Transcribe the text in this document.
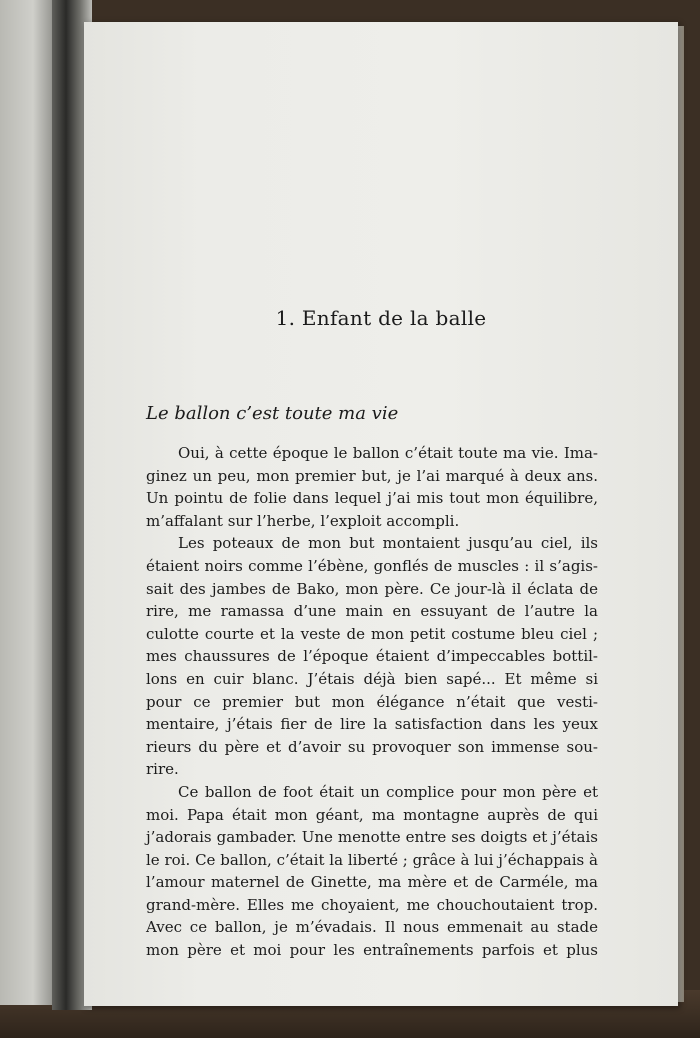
1. Enfant de la balle
Le ballon c’est toute ma vie
Oui, à cette époque le ballon c’était toute ma vie. Ima-
ginez un peu, mon premier but, je l’ai marqué à deux ans.
Un pointu de folie dans lequel j’ai mis tout mon équilibre,
m’affalant sur l’herbe, l’exploit accompli.
Les poteaux de mon but montaient jusqu’au ciel, ils
étaient noirs comme l’ébène, gonflés de muscles : il s’agis-
sait des jambes de Bako, mon père. Ce jour-là il éclata de
rire, me ramassa d’une main en essuyant de l’autre la
culotte courte et la veste de mon petit costume bleu ciel ;
mes chaussures de l’époque étaient d’impeccables bottil-
lons en cuir blanc. J’étais déjà bien sapé... Et même si
pour ce premier but mon élégance n’était que vesti-
mentaire, j’étais fier de lire la satisfaction dans les yeux
rieurs du père et d’avoir su provoquer son immense sou-
rire.
Ce ballon de foot était un complice pour mon père et
moi. Papa était mon géant, ma montagne auprès de qui
j’adorais gambader. Une menotte entre ses doigts et j’étais
le roi. Ce ballon, c’était la liberté ; grâce à lui j’échappais à
l’amour maternel de Ginette, ma mère et de Carméle, ma
grand-mère. Elles me choyaient, me chouchoutaient trop.
Avec ce ballon, je m’évadais. Il nous emmenait au stade
mon père et moi pour les entraînements parfois et plus
